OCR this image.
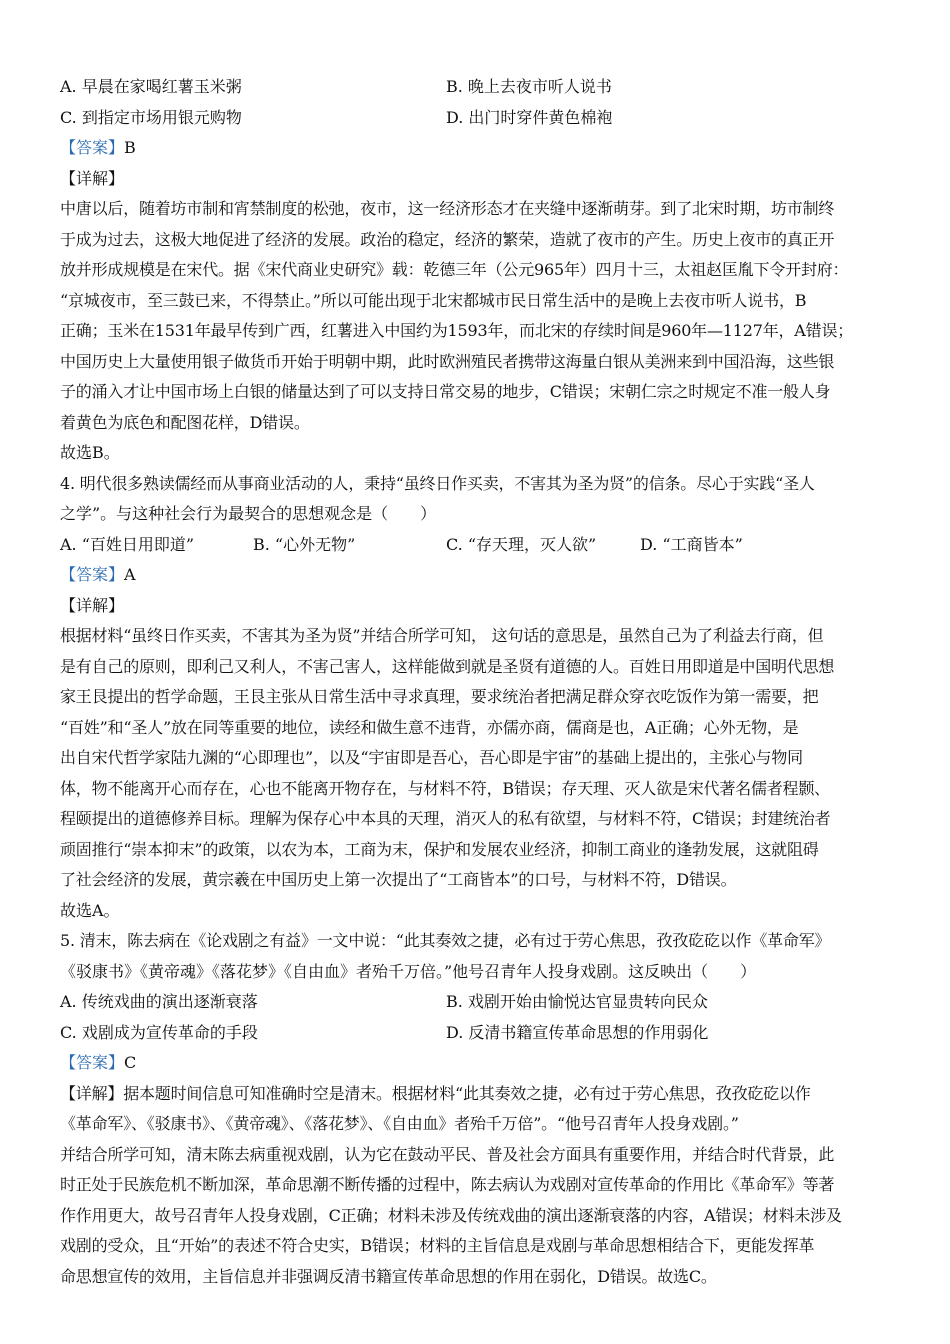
A. 早晨在家喝红薯玉米粥	B. 晚上去夜市听人说书
C. 到指定市场用银元购物	D. 出门时穿件黄色棉袍
【答案】B
【详解】
中唐以后，随着坊市制和宵禁制度的松弛，夜市，这一经济形态才在夹缝中逐渐萌芽。到了北宋时期，坊市制终
于成为过去，这极大地促进了经济的发展。政治的稳定，经济的繁荣，造就了夜市的产生。历史上夜市的真正开
放并形成规模是在宋代。据《宋代商业史研究》载：乾德三年（公元965年）四月十三，太祖赵匡胤下令开封府：
“京城夜市，至三鼓已来，不得禁止。”所以可能出现于北宋都城市民日常生活中的是晚上去夜市听人说书，B
正确；玉米在1531年最早传到广西，红薯进入中国约为1593年，而北宋的存续时间是960年—1127年，A错误；
中国历史上大量使用银子做货币开始于明朝中期，此时欧洲殖民者携带这海量白银从美洲来到中国沿海，这些银
子的涌入才让中国市场上白银的储量达到了可以支持日常交易的地步，C错误；宋朝仁宗之时规定不准一般人身
着黄色为底色和配图花样，D错误。
故选B。
4. 明代很多熟读儒经而从事商业活动的人，秉持“虽终日作买卖，不害其为圣为贤”的信条。尽心于实践“圣人
之学”。与这种社会行为最契合的思想观念是（　　）
A. “百姓日用即道”	B. “心外无物”	C. “存天理，灭人欲”	D. “工商皆本”
【答案】A
【详解】
根据材料“虽终日作买卖，不害其为圣为贤”并结合所学可知， 这句话的意思是，虽然自己为了利益去行商，但
是有自己的原则，即利己又利人，不害己害人，这样能做到就是圣贤有道德的人。百姓日用即道是中国明代思想
家王艮提出的哲学命题，王艮主张从日常生活中寻求真理，要求统治者把满足群众穿衣吃饭作为第一需要，把
“百姓”和“圣人”放在同等重要的地位，读经和做生意不违背，亦儒亦商，儒商是也，A正确；心外无物，是
出自宋代哲学家陆九渊的“心即理也”，以及“宇宙即是吾心，吾心即是宇宙”的基础上提出的，主张心与物同
体，物不能离开心而存在，心也不能离开物存在，与材料不符，B错误；存天理、灭人欲是宋代著名儒者程颢、
程颐提出的道德修养目标。理解为保存心中本具的天理，消灭人的私有欲望，与材料不符，C错误；封建统治者
顽固推行“崇本抑末”的政策，以农为本，工商为末，保护和发展农业经济，抑制工商业的逢勃发展，这就阻碍
了社会经济的发展，黄宗羲在中国历史上第一次提出了“工商皆本”的口号，与材料不符，D错误。
故选A。
5. 清末，陈去病在《论戏剧之有益》一文中说：“此其奏效之捷，必有过于劳心焦思，孜孜矻矻以作《革命军》
《驳康书》《黄帝魂》《落花梦》《自由血》者殆千万倍。”他号召青年人投身戏剧。这反映出（　　）
A. 传统戏曲的演出逐渐衰落	B. 戏剧开始由愉悦达官显贵转向民众
C. 戏剧成为宣传革命的手段	D. 反清书籍宣传革命思想的作用弱化
【答案】C
【详解】据本题时间信息可知准确时空是清末。根据材料“此其奏效之捷，必有过于劳心焦思，孜孜矻矻以作
《革命军》、《驳康书》、《黄帝魂》、《落花梦》、《自由血》者殆千万倍”。“他号召青年人投身戏剧。”
并结合所学可知，清末陈去病重视戏剧，认为它在鼓动平民、普及社会方面具有重要作用，并结合时代背景，此
时正处于民族危机不断加深，革命思潮不断传播的过程中，陈去病认为戏剧对宣传革命的作用比《革命军》等著
作作用更大，故号召青年人投身戏剧，C正确；材料未涉及传统戏曲的演出逐渐衰落的内容，A错误；材料未涉及
戏剧的受众，且“开始”的表述不符合史实，B错误；材料的主旨信息是戏剧与革命思想相结合下，更能发挥革
命思想宣传的效用，主旨信息并非强调反清书籍宣传革命思想的作用在弱化，D错误。故选C。
